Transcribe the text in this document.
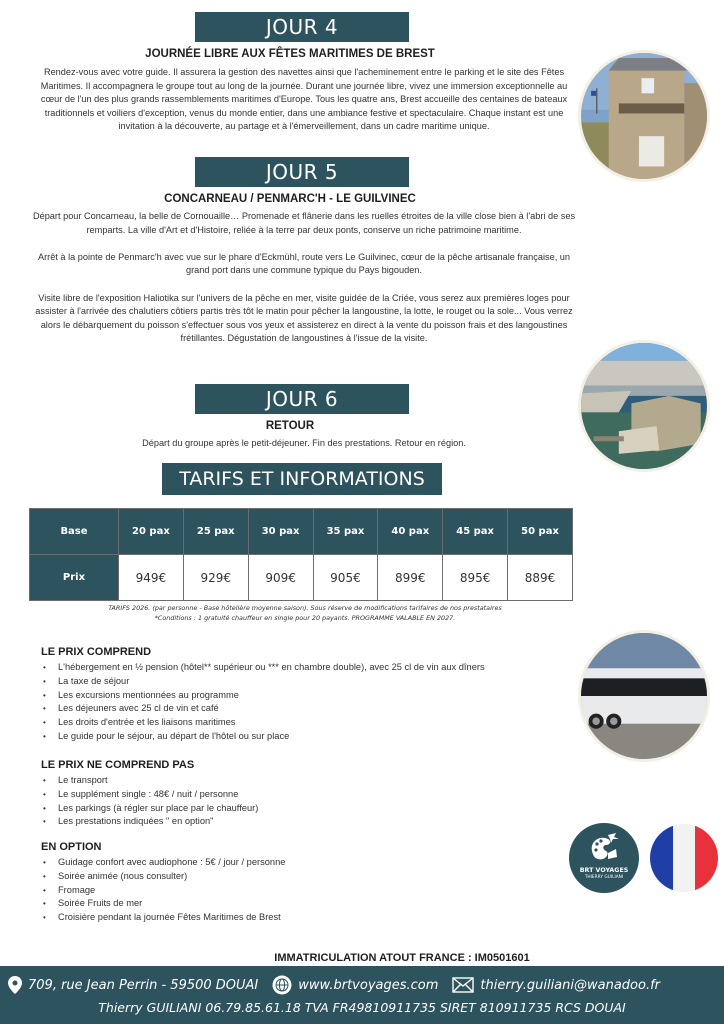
JOUR 4
JOURNÉE LIBRE AUX FÊTES MARITIMES DE BREST

Rendez-vous avec votre guide. Il assurera la gestion des navettes ainsi que l'acheminement entre le parking et le site des Fêtes Maritimes. Il accompagnera le groupe tout au long de la journée. Durant une journée libre, vivez une immersion exceptionnelle au cœur de l'un des plus grands rassemblements maritimes d'Europe. Tous les quatre ans, Brest accueille des centaines de bateaux traditionnels et voiliers d'exception, venus du monde entier, dans une ambiance festive et spectaculaire. Chaque instant est une invitation à la découverte, au partage et à l'émerveillement, dans un cadre maritime unique.

JOUR 5
CONCARNEAU / PENMARC'H - LE GUILVINEC

Départ pour Concarneau, la belle de Cornouaille… Promenade et flânerie dans les ruelles étroites de la ville close bien à l'abri de ses remparts. La ville d'Art et d'Histoire, reliée à la terre par deux ponts, conserve un riche patrimoine maritime.

Arrêt à la pointe de Penmarc'h avec vue sur le phare d'Eckmühl, route vers Le Guilvinec, cœur de la pêche artisanale française, un grand port dans une commune typique du Pays bigouden.

Visite libre de l'exposition Haliotika sur l'univers de la pêche en mer, visite guidée de la Criée, vous serez aux premières loges pour assister à l'arrivée des chalutiers côtiers partis très tôt le matin pour pêcher la langoustine, la lotte, le rouget ou la sole... Vous verrez alors le débarquement du poisson s'effectuer sous vos yeux et assisterez en direct à la vente du poisson frais et des langoustines frétillantes. Dégustation de langoustines à l'issue de la visite.

JOUR 6
RETOUR

Départ du groupe après le petit-déjeuner. Fin des prestations. Retour en région.

TARIFS ET INFORMATIONS
Base	20 pax	25 pax	30 pax	35 pax	40 pax	45 pax	50 pax
Prix	949€	929€	909€	905€	899€	895€	889€
TARIFS 2026. (par personne - Base hôtelière moyenne saison). Sous réserve de modifications tarifaires de nos prestataires
*Conditions : 1 gratuité chauffeur en single pour 20 payants. PROGRAMME VALABLE EN 2027.
LE PRIX COMPREND
• L'hébergement en ½ pension (hôtel** supérieur ou *** en chambre double), avec 25 cl de vin aux dîners
• La taxe de séjour
• Les excursions mentionnées au programme
• Les déjeuners avec 25 cl de vin et café
• Les droits d'entrée et les liaisons maritimes
• Le guide pour le séjour, au départ de l'hôtel ou sur place
LE PRIX NE COMPREND PAS
• Le transport
• Le supplément single : 48€ / nuit / personne
• Les parkings (à régler sur place par le chauffeur)
• Les prestations indiquées " en option"
EN OPTION
• Guidage confort avec audiophone : 5€ / jour / personne
• Soirée animée (nous consulter)
• Fromage
• Soirée Fruits de mer
• Croisière pendant la journée Fêtes Maritimes de Brest
BRT VOYAGES
THIERRY GUILIANI
IMMATRICULATION ATOUT FRANCE : IM0501601
709, rue Jean Perrin - 59500 DOUAI	www.brtvoyages.com	thierry.guiliani@wanadoo.fr
Thierry GUILIANI 06.79.85.61.18 TVA FR49810911735 SIRET 810911735 RCS DOUAI
